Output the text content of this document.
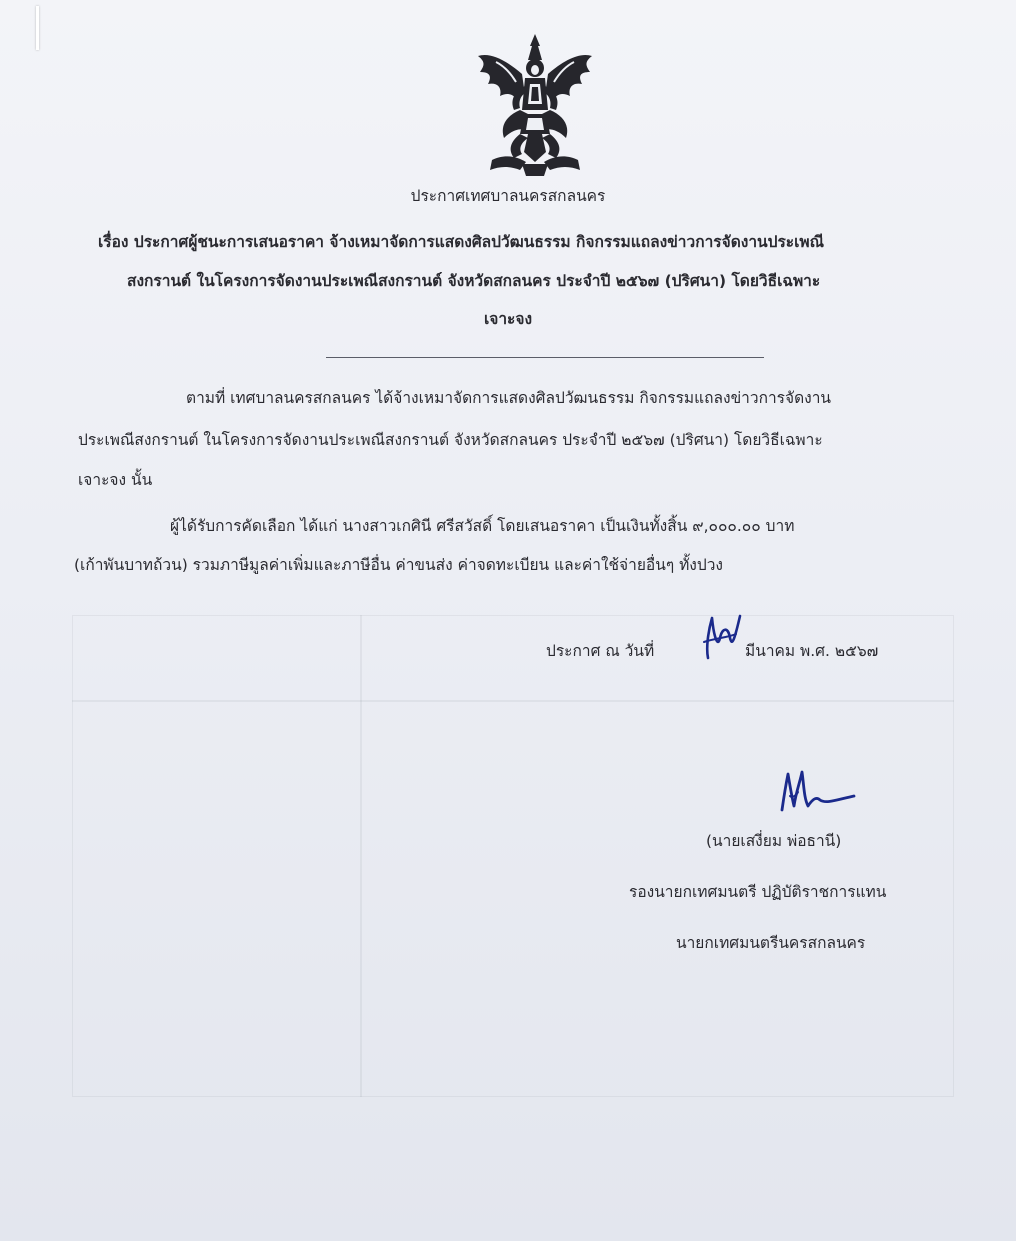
ประกาศเทศบาลนครสกลนคร
เรื่อง ประกาศผู้ชนะการเสนอราคา จ้างเหมาจัดการแสดงศิลปวัฒนธรรม กิจกรรมแถลงข่าวการจัดงานประเพณี
สงกรานต์ ในโครงการจัดงานประเพณีสงกรานต์ จังหวัดสกลนคร ประจำปี ๒๕๖๗ (ปริศนา) โดยวิธีเฉพาะ
เจาะจง
ตามที่ เทศบาลนครสกลนคร ได้จ้างเหมาจัดการแสดงศิลปวัฒนธรรม กิจกรรมแถลงข่าวการจัดงาน
ประเพณีสงกรานต์ ในโครงการจัดงานประเพณีสงกรานต์ จังหวัดสกลนคร ประจำปี ๒๕๖๗ (ปริศนา) โดยวิธีเฉพาะ
เจาะจง นั้น
ผู้ได้รับการคัดเลือก ได้แก่ นางสาวเกศินี ศรีสวัสดิ์ โดยเสนอราคา เป็นเงินทั้งสิ้น ๙,๐๐๐.๐๐ บาท
(เก้าพันบาทถ้วน) รวมภาษีมูลค่าเพิ่มและภาษีอื่น ค่าขนส่ง ค่าจดทะเบียน และค่าใช้จ่ายอื่นๆ ทั้งปวง
ประกาศ ณ วันที่	มีนาคม พ.ศ. ๒๕๖๗
(นายเสงี่ยม พ่อธานี)
รองนายกเทศมนตรี ปฏิบัติราชการแทน
นายกเทศมนตรีนครสกลนคร
